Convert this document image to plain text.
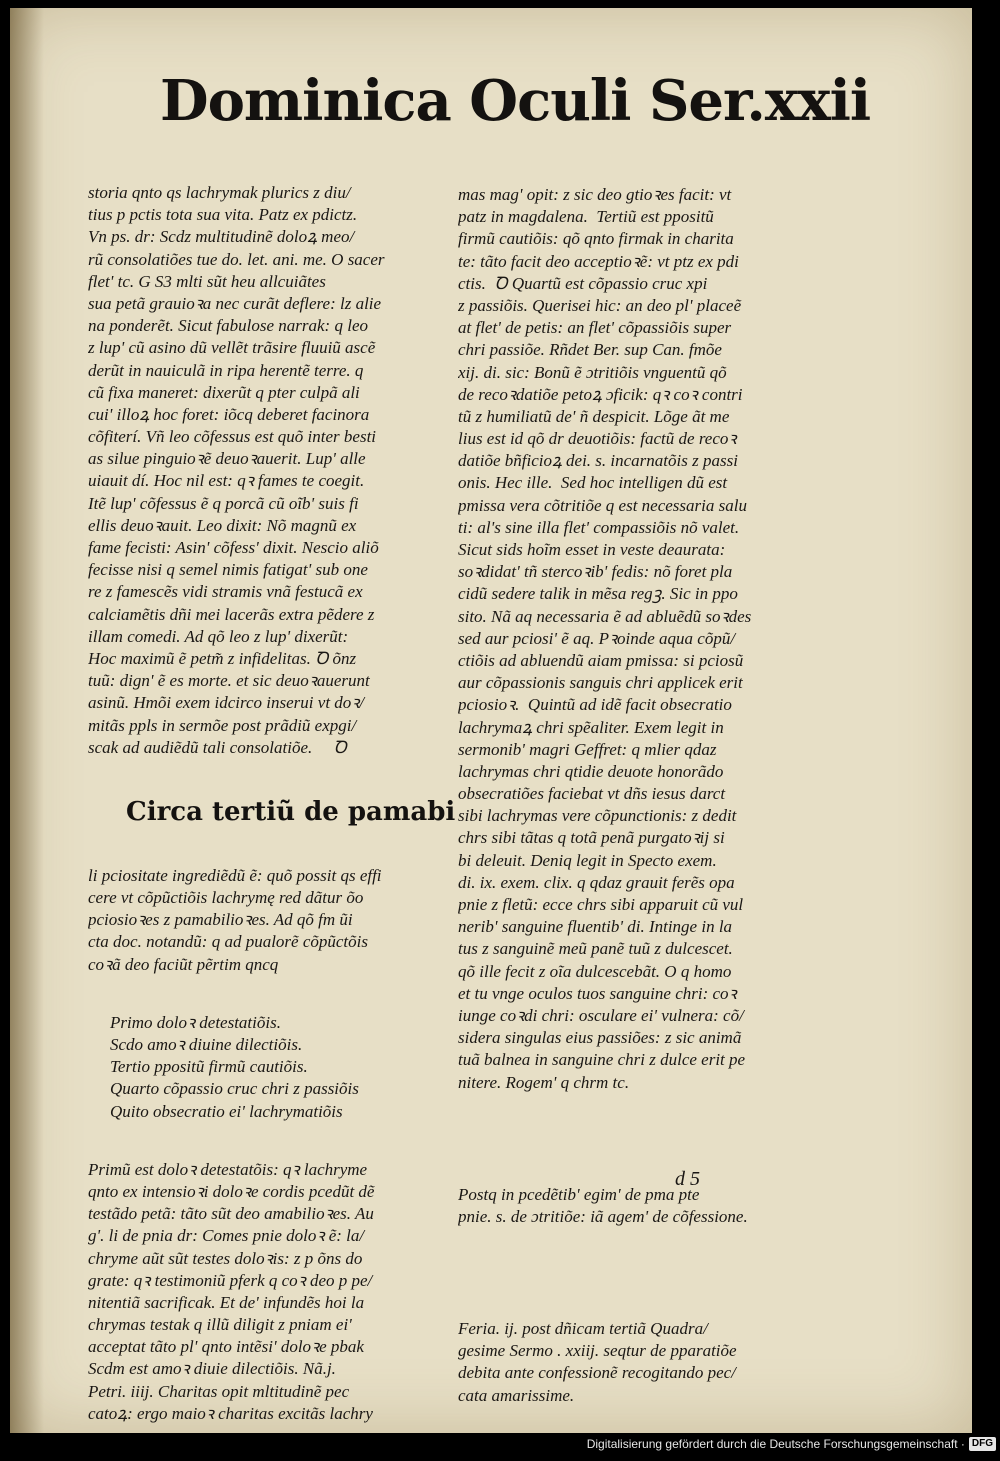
Dominica Oculi Ser.xxii

storia qnto qs lachrymak plurics z diu/
tius p pctis tota sua vita. Patz ex pdictz.
Vn ps. dr: Scdz multitudinẽ doloꝝ meo/
rũ consolatiões tue do. let. ani. me. O sacer
flet' tc. G S3 mlti sũt heu allcuiãtes
sua petã grauioꝛa nec curãt deflere: lz alie
na ponderẽt. Sicut fabulose narrak: q leo
z lup' cũ asino dũ vellẽt trãsire fluuiũ ascẽ
derũt in nauiculã in ripa herentẽ terre. q
cũ fixa maneret: dixerũt q pter culpã ali
cui' illoꝝ hoc foret: iõcq deberet facinora
cõfiterí. Vñ leo cõfessus est quõ inter besti
as silue pinguioꝛẽ deuoꝛauerit. Lup' alle
uiauit dí. Hoc nil est: qꝛ fames te coegit.
Itẽ lup' cõfessus ẽ q porcã cũ oĩb' suis fi
ellis deuoꝛauit. Leo dixit: Nõ magnũ ex
fame fecisti: Asin' cõfess' dixit. Nescio aliõ
fecisse nisi q semel nimis fatigat' sub one
re z famescẽs vidi stramis vnã festucã ex
calciamẽtis dñi mei lacerãs extra pẽdere z
illam comedi. Ad qõ leo z lup' dixerũt:
Hoc maximũ ẽ petm̃ z infidelitas. Ꝺ õnz
tuũ: dign' ẽ es morte. et sic deuoꝛauerunt
asinũ. Hmõi exem idcirco inserui vt doꝛ/
mitãs ppls in sermõe post prãdiũ expgi/
scak ad audiẽdũ tali consolatiõe.     Ꝺ

Circa tertiũ de pamabi

li pciositate ingrediẽdũ ẽ: quõ possit qs effi
cere vt cõpũctiõis lachrymę red dãtur õo
pciosioꝛes z pamabilioꝛes. Ad qõ fm ũi
cta doc. notandũ: q ad pualorẽ cõpũctõis
coꝛã deo faciũt pẽrtim qncq

Primo doloꝛ detestatiõis.
Scdo amoꝛ diuine dilectiõis.
Tertio ppositũ firmũ cautiõis.
Quarto cõpassio cruc chri z passiõis
Quito obsecratio ei' lachrymatiõis

Primũ est doloꝛ detestatõis: qꝛ lachryme
qnto ex intensioꝛi doloꝛe cordis pcedũt dẽ
testãdo petã: tãto sũt deo amabilioꝛes. Au
g'. li de pnia dr: Comes pnie doloꝛ ẽ: la/
chryme aũt sũt testes doloꝛis: z p õns do
grate: qꝛ testimoniũ pferk q coꝛ deo p pe/
nitentiã sacrificak. Et de' infundẽs hoi la
chrymas testak q illũ diligit z pniam ei'
acceptat tãto pl' qnto intẽsi' doloꝛe pbak
Scdm est amoꝛ diuie dilectiõis. Nã.j.
Petri. iiij. Charitas opit mltitudinẽ pec
catoꝝ: ergo maioꝛ charitas excitãs lachry

mas mag' opit: z sic deo gtioꝛes facit: vt
patz in magdalena.  Tertiũ est ppositũ
firmũ cautiõis: qõ qnto firmak in charita
te: tãto facit deo acceptioꝛẽ: vt ptz ex pdi
ctis.  Ꝺ Quartũ est cõpassio cruc xpi
z passiõis. Querisei hic: an deo pl' placeẽ
at flet' de petis: an flet' cõpassiõis super
chri passiõe. Rñdet Ber. sup Can. fmõe
xij. di. sic: Bonũ ẽ ɔtritiõis vnguentũ qõ
de recoꝛdatiõe petoꝝ ɔficik: qꝛ coꝛ contri
tũ z humiliatũ de' ñ despicit. Lõge ãt me
lius est id qõ dr deuotiõis: factũ de recoꝛ
datiõe bñficioꝝ dei. s. incarnatõis z passi
onis. Hec ille.  Sed hoc intelligen dũ est
pmissa vera cõtritiõe q est necessaria salu
ti: al's sine illa flet' compassiõis nõ valet.
Sicut sids hoĩm esset in veste deaurata:
soꝛdidat' tñ stercoꝛib' fedis: nõ foret pla
cidũ sedere talik in mẽsa regꝫ. Sic in ppo
sito. Nã aq necessaria ẽ ad abluẽdũ soꝛdes
sed aur pciosi' ẽ aq. Pꝛoinde aqua cõpũ/
ctiõis ad abluendũ aiam pmissa: si pciosũ
aur cõpassionis sanguis chri applicek erit
pciosioꝛ.  Quintũ ad idẽ facit obsecratio
lachrymaꝝ chri spẽaliter. Exem legit in
sermonib' magri Geffret: q mlier qdaz
lachrymas chri qtidie deuote honorãdo
obsecratiões faciebat vt dñs iesus darct
sibi lachrymas vere cõpunctionis: z dedit
chrs sibi tãtas q totã penã purgatoꝛij si
bi deleuit. Deniq legit in Specto exem.
di. ix. exem. clix. q qdaz grauit ferẽs opa
pnie z fletũ: ecce chrs sibi apparuit cũ vul
nerib' sanguine fluentib' di. Intinge in la
tus z sanguinẽ meũ panẽ tuũ z dulcescet.
qõ ille fecit z oĩa dulcescebãt. O q homo
et tu vnge oculos tuos sanguine chri: coꝛ
iunge coꝛdi chri: osculare ei' vulnera: cõ/
sidera singulas eius passiões: z sic animã
tuã balnea in sanguine chri z dulce erit pe
nitere. Rogem' q chrm tc.

Postq in pcedẽtib' egim' de pma pte
pnie. s. de ɔtritiõe: iã agem' de cõfessione.

Feria. ij. post dñicam tertiã Quadra/
gesime Sermo . xxiij. seqtur de pparatiõe
debita ante confessionẽ recogitando pec/
cata amarissime.

d 5
Digitalisierung gefördert durch die Deutsche Forschungsgemeinschaft · DFG
